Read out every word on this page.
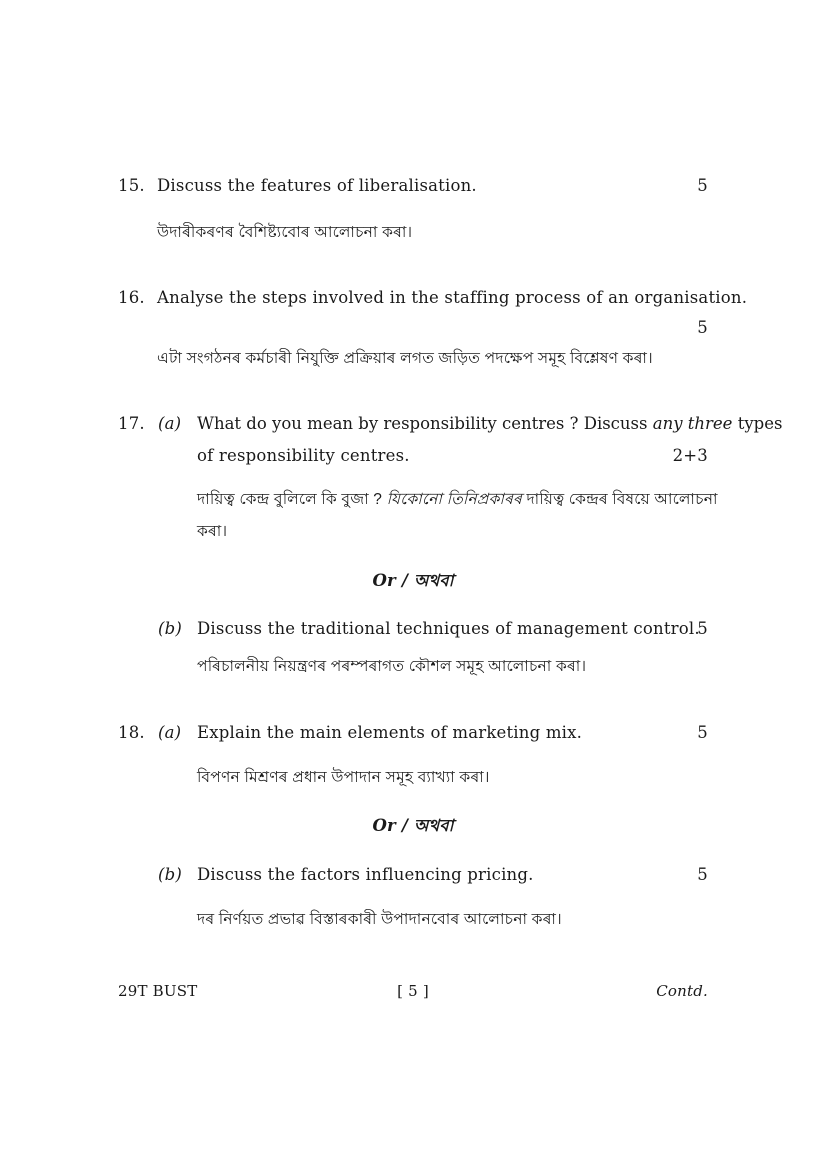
15. Discuss the features of liberalisation.	5
উদাৰীকৰণৰ বৈশিষ্ট্যবোৰ আলোচনা কৰা।
16. Analyse the steps involved in the staffing process of an organisation.
5
এটা সংগঠনৰ কৰ্মচাৰী নিযুক্তি প্ৰক্ৰিয়াৰ লগত জড়িত পদক্ষেপ সমূহ বিশ্লেষণ কৰা।
17. (a) What do you mean by responsibility centres ? Discuss any three types
of responsibility centres.	2+3
দায়িত্ব কেন্দ্ৰ বুলিলে কি বুজা ? যিকোনো তিনিপ্ৰকাৰৰ দায়িত্ব কেন্দ্ৰৰ বিষয়ে আলোচনা
কৰা।
Or / অথবা
(b) Discuss the traditional techniques of management control.
5
পৰিচালনীয় নিয়ন্ত্ৰণৰ পৰম্পৰাগত কৌশল সমূহ আলোচনা কৰা।
18. (a) Explain the main elements of marketing mix.	5
বিপণন মিশ্ৰণৰ প্ৰধান উপাদান সমূহ ব্যাখ্যা কৰা।
Or / অথবা
(b) Discuss the factors influencing pricing.	5
দৰ নিৰ্ণয়ত প্ৰভাৱ বিস্তাৰকাৰী উপাদানবোৰ আলোচনা কৰা।
29T BUST	[ 5 ]	Contd.
